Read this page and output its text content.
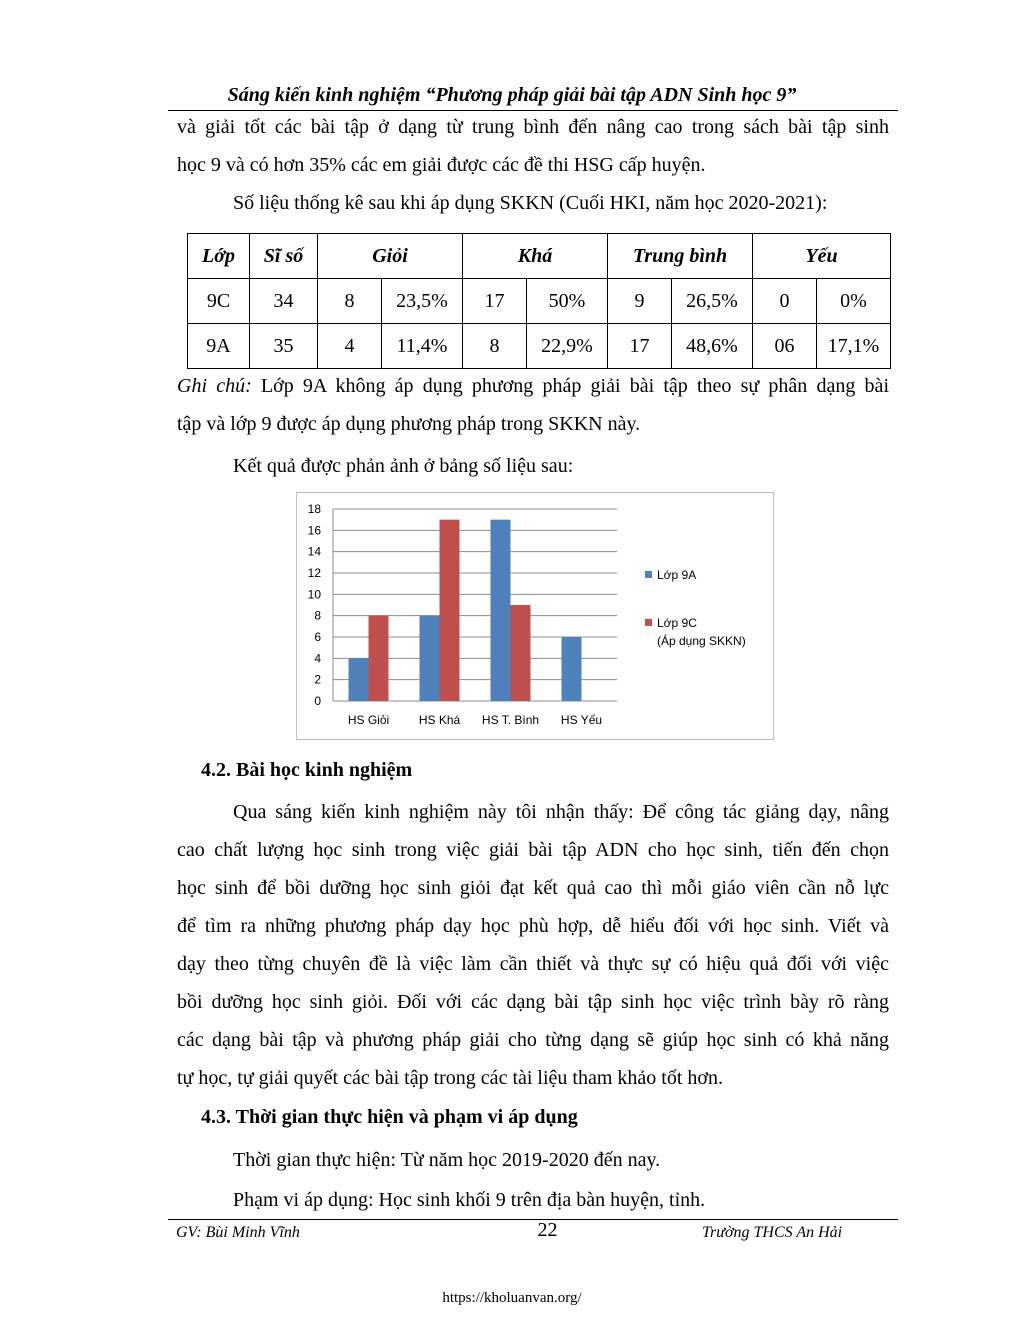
Sáng kiến kinh nghiệm “Phương pháp giải bài tập ADN Sinh học 9”
và giải tốt các bài tập ở dạng từ trung bình đến nâng cao trong sách bài tập sinh
học 9 và có hơn 35% các em giải được các đề thi HSG cấp huyện.
Số liệu thống kê sau khi áp dụng SKKN (Cuối HKI, năm học 2020-2021):
Lớp	Sĩ số	Giỏi		Khá		Trung bình		Yếu	
9C	34	8	23,5%	17	50%	9	26,5%	0	0%
9A	35	4	11,4%	8	22,9%	17	48,6%	06	17,1%
Ghi chú: Lớp 9A không áp dụng phương pháp giải bài tập theo sự phân dạng bài
tập và lớp 9 được áp dụng phương pháp trong SKKN này.
Kết quả được phản ảnh ở bảng số liệu sau:
0
2
4
6
8
10
12
14
16
18
HS Giỏi HS Khá HS T. Bình HS Yếu
Lớp 9A
Lớp 9C
(Áp dụng SKKN)
4.2. Bài học kinh nghiệm
Qua sáng kiến kinh nghiệm này tôi nhận thấy: Để công tác giảng dạy, nâng
cao chất lượng học sinh trong việc giải bài tập ADN cho học sinh, tiến đến chọn
học sinh để bồi dưỡng học sinh giỏi đạt kết quả cao thì mỗi giáo viên cần nỗ lực
để tìm ra những phương pháp dạy học phù hợp, dễ hiểu đối với học sinh. Viết và
dạy theo từng chuyên đề là việc làm cần thiết và thực sự có hiệu quả đối với việc
bồi dưỡng học sinh giỏi. Đối với các dạng bài tập sinh học việc trình bày rõ ràng
các dạng bài tập và phương pháp giải cho từng dạng sẽ giúp học sinh có khả năng
tự học, tự giải quyết các bài tập trong các tài liệu tham khảo tốt hơn.
4.3. Thời gian thực hiện và phạm vi áp dụng
Thời gian thực hiện: Từ năm học 2019-2020 đến nay.
Phạm vi áp dụng: Học sinh khối 9 trên địa bàn huyện, tỉnh.
GV: Bùi Minh Vĩnh	22	Trường THCS An Hải
https://kholuanvan.org/
